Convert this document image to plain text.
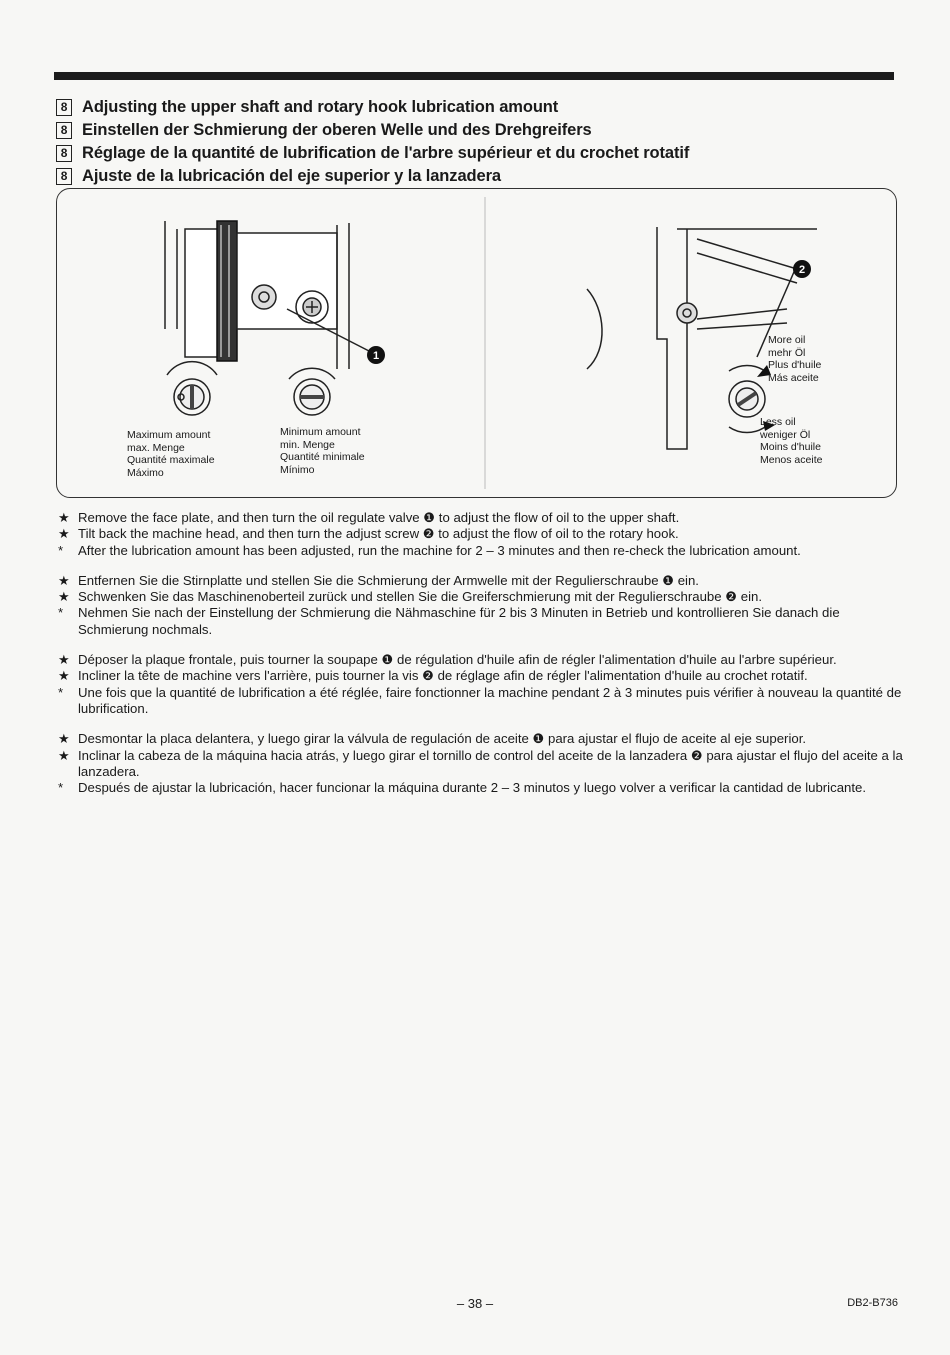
8 Adjusting the upper shaft and rotary hook lubrication amount
8 Einstellen der Schmierung der oberen Welle und des Drehgreifers
8 Réglage de la quantité de lubrification de l'arbre supérieur et du crochet rotatif
8 Ajuste de la lubricación del eje superior y la lanzadera
1
2
Maximum amount
max. Menge
Quantité maximale
Máximo
Minimum amount
min. Menge
Quantité minimale
Mínimo
More oil
mehr Öl
Plus d'huile
Más aceite
Less oil
weniger Öl
Moins d'huile
Menos aceite
★ Remove the face plate, and then turn the oil regulate valve ❶ to adjust the flow of oil to the upper shaft.
★ Tilt back the machine head, and then turn the adjust screw ❷ to adjust the flow of oil to the rotary hook.
*	After the lubrication amount has been adjusted, run the machine for 2 – 3 minutes and then re-check the lubrication amount.
★ Entfernen Sie die Stirnplatte und stellen Sie die Schmierung der Armwelle mit der Regulierschraube ❶ ein.
★ Schwenken Sie das Maschinenoberteil zurück und stellen Sie die Greiferschmierung mit der Regulierschraube ❷ ein.
*	Nehmen Sie nach der Einstellung der Schmierung die Nähmaschine für 2 bis 3 Minuten in Betrieb und kontrollieren Sie danach die Schmierung nochmals.
★ Déposer la plaque frontale, puis tourner la soupape ❶ de régulation d'huile afin de régler l'alimentation d'huile au l'arbre supérieur.
★ Incliner la tête de machine vers l'arrière, puis tourner la vis ❷ de réglage afin de régler l'alimentation d'huile au crochet rotatif.
*	Une fois que la quantité de lubrification a été réglée, faire fonctionner la machine pendant 2 à 3 minutes puis vérifier à nouveau la quantité de lubrification.
★ Desmontar la placa delantera, y luego girar la válvula de regulación de aceite ❶ para ajustar el flujo de aceite al eje superior.
★ Inclinar la cabeza de la máquina hacia atrás, y luego girar el tornillo de control del aceite de la lanzadera ❷ para ajustar el flujo del aceite a la lanzadera.
*	Después de ajustar la lubricación, hacer funcionar la máquina durante 2 – 3 minutos y luego volver a verificar la cantidad de lubricante.
– 38 –	DB2-B736
